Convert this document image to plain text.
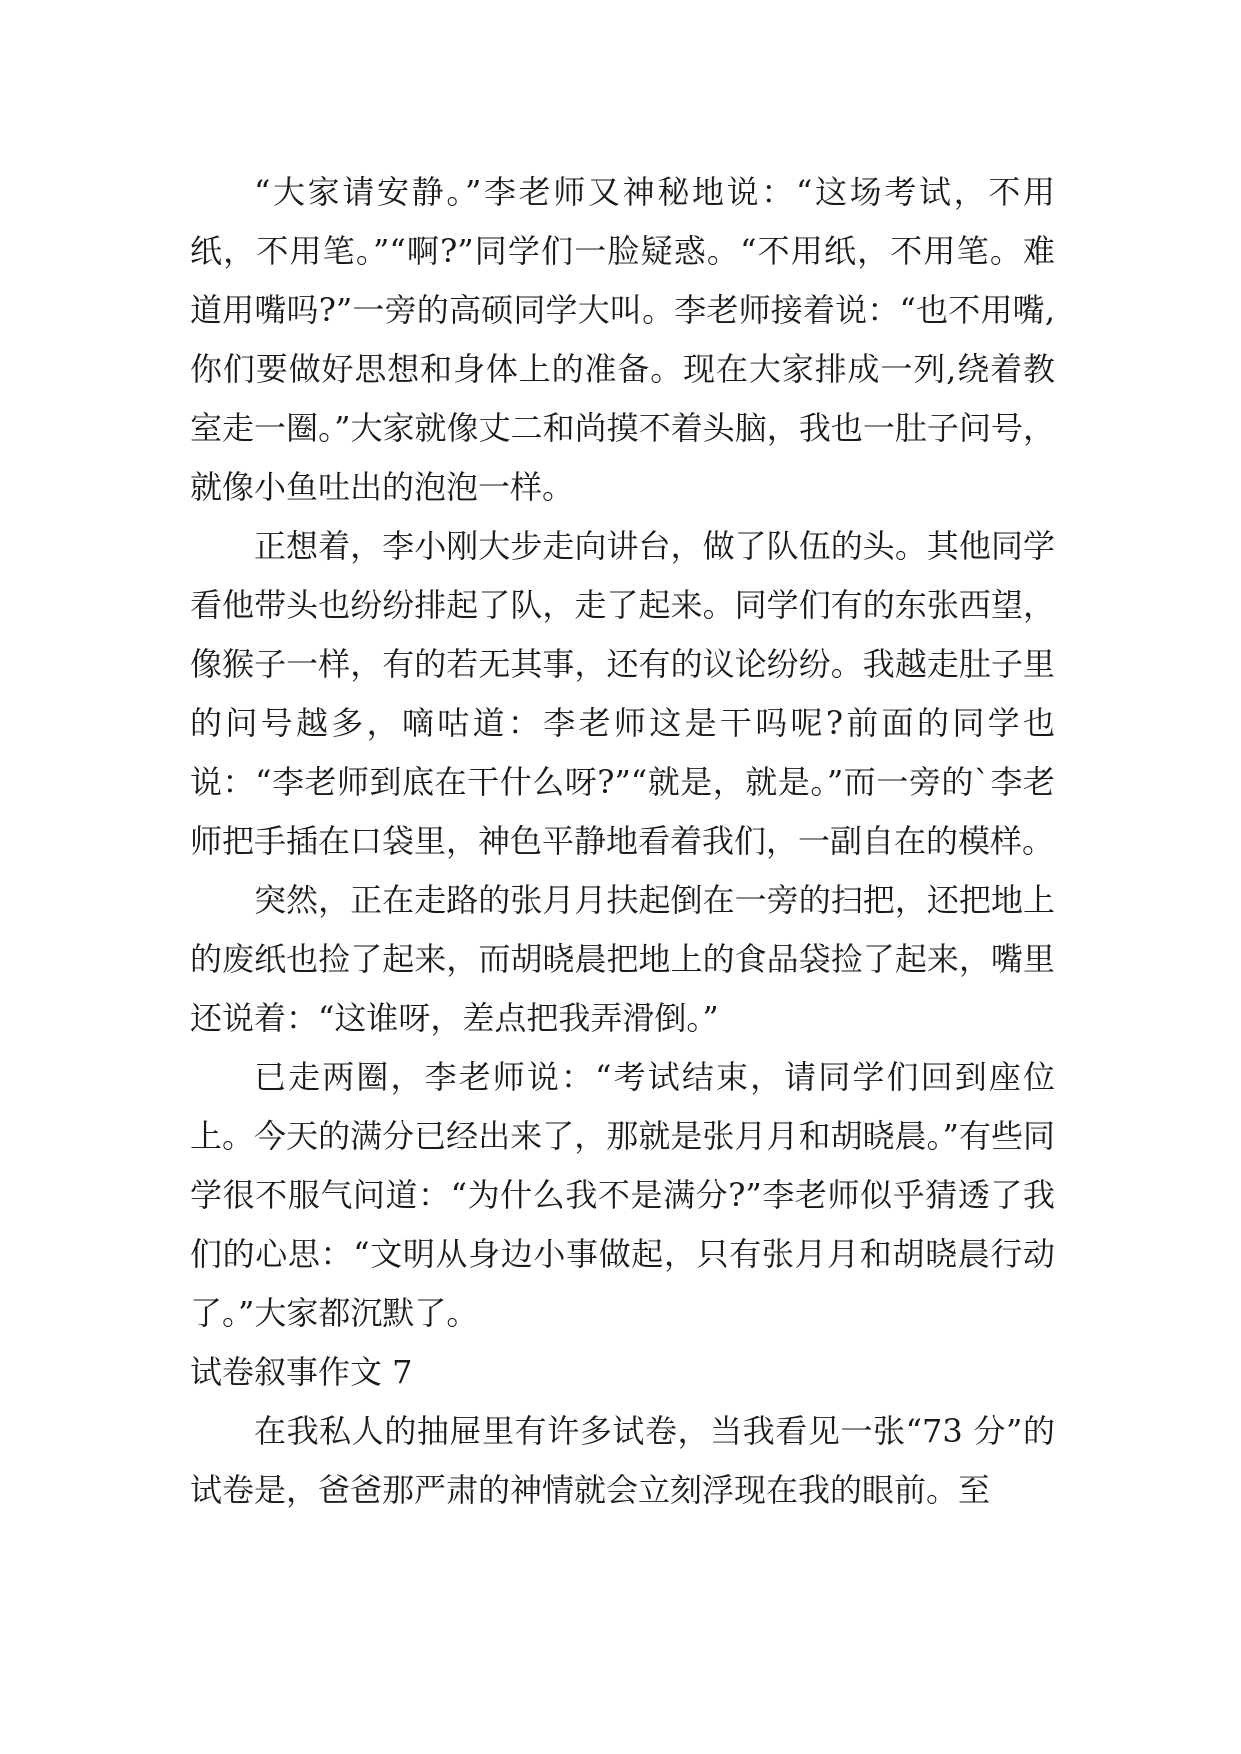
“大家请安静。”李老师又神秘地说：“这场考试，不用纸，不用笔。”“啊?”同学们一脸疑惑。“不用纸，不用笔。难道用嘴吗?”一旁的高硕同学大叫。李老师接着说：“也不用嘴,你们要做好思想和身体上的准备。现在大家排成一列,绕着教室走一圈。”大家就像丈二和尚摸不着头脑，我也一肚子问号，就像小鱼吐出的泡泡一样。

正想着，李小刚大步走向讲台，做了队伍的头。其他同学看他带头也纷纷排起了队，走了起来。同学们有的东张西望，像猴子一样，有的若无其事，还有的议论纷纷。我越走肚子里的问号越多，嘀咕道：李老师这是干吗呢?前面的同学也说：“李老师到底在干什么呀?”“就是，就是。”而一旁的`李老师把手插在口袋里，神色平静地看着我们，一副自在的模样。

突然，正在走路的张月月扶起倒在一旁的扫把，还把地上的废纸也捡了起来，而胡晓晨把地上的食品袋捡了起来，嘴里还说着：“这谁呀，差点把我弄滑倒。”

已走两圈，李老师说：“考试结束，请同学们回到座位上。今天的满分已经出来了，那就是张月月和胡晓晨。”有些同学很不服气问道：“为什么我不是满分?”李老师似乎猜透了我们的心思：“文明从身边小事做起，只有张月月和胡晓晨行动了。”大家都沉默了。

试卷叙事作文 7

在我私人的抽屉里有许多试卷，当我看见一张“73 分”的试卷是，爸爸那严肃的神情就会立刻浮现在我的眼前。至
